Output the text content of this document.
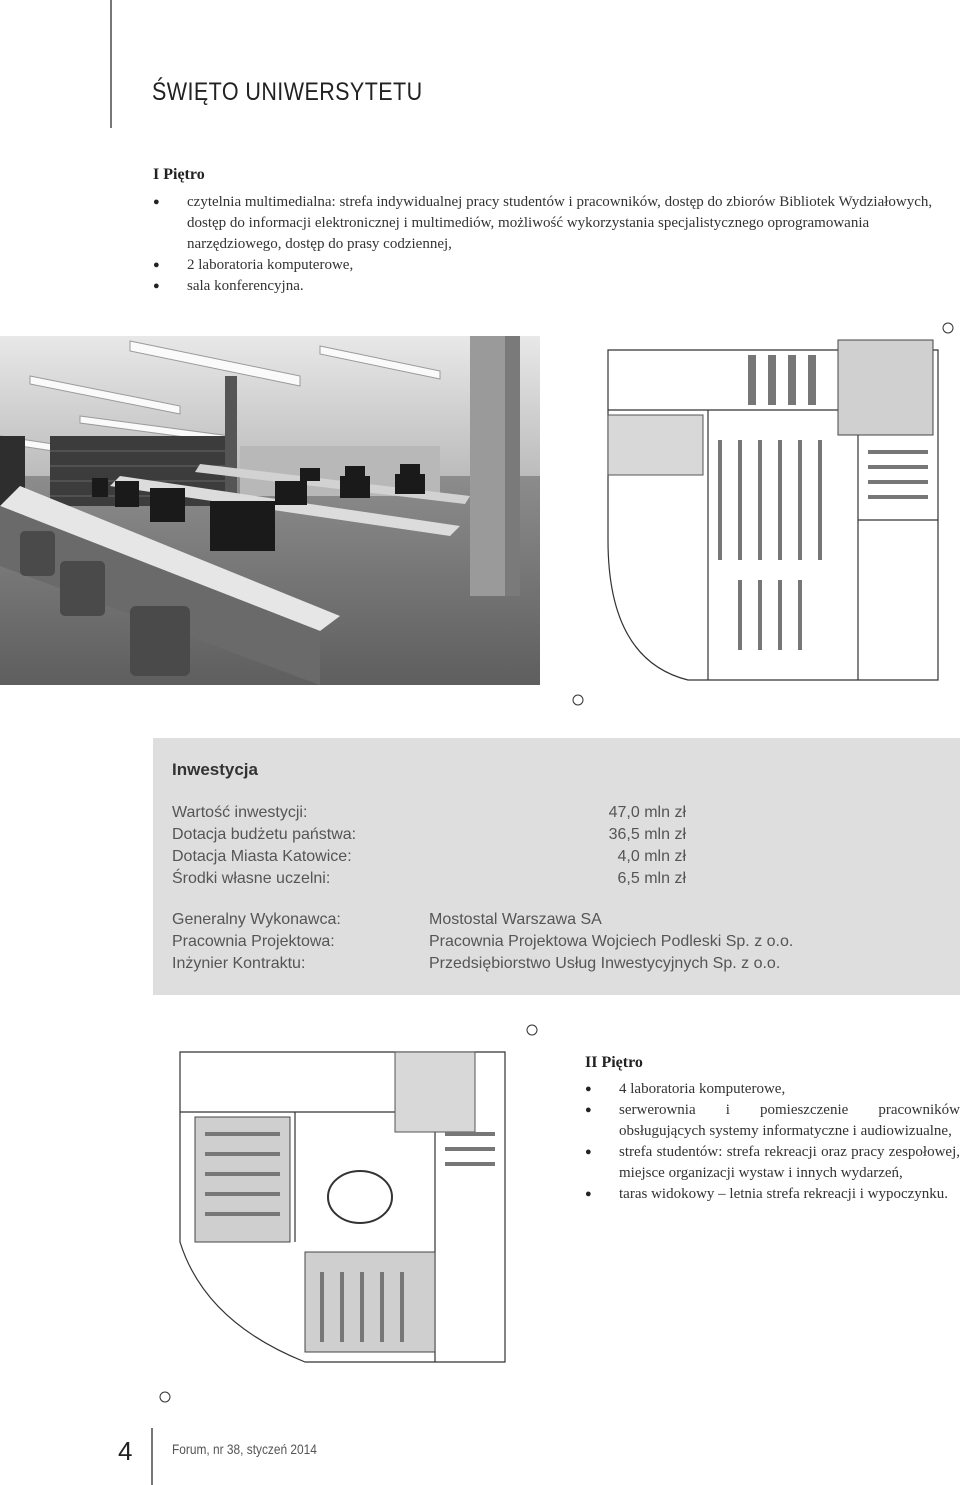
ŚWIĘTO UNIWERSYTETU
I Piętro
● czytelnia multimedialna: strefa indywidualnej pracy studentów i pracowników, dostęp do zbiorów Bibliotek Wydziałowych, dostęp do informacji elektronicznej i multimediów, możliwość wykorzystania specjalistycznego oprogramowania narzędziowego, dostęp do prasy codziennej,
● 2 laboratoria komputerowe,
● sala konferencyjna.
Inwestycja
Wartość inwestycji:	47,0 mln zł
Dotacja budżetu państwa:	36,5 mln zł
Dotacja Miasta Katowice:	4,0 mln zł
Środki własne uczelni:	6,5 mln zł
Generalny Wykonawca:	Mostostal Warszawa SA
Pracownia Projektowa:	Pracownia Projektowa Wojciech Podleski Sp. z o.o.
Inżynier Kontraktu:	Przedsiębiorstwo Usług Inwestycyjnych Sp. z o.o.
II Piętro
● 4 laboratoria komputerowe,
● serwerownia i pomieszczenie pracowników obsługujących systemy informatyczne i audiowizualne,
● strefa studentów: strefa rekreacji oraz pracy zespołowej, miejsce organizacji wystaw i innych wydarzeń,
● taras widokowy – letnia strefa rekreacji i wypoczynku.
4	Forum, nr 38, styczeń 2014
